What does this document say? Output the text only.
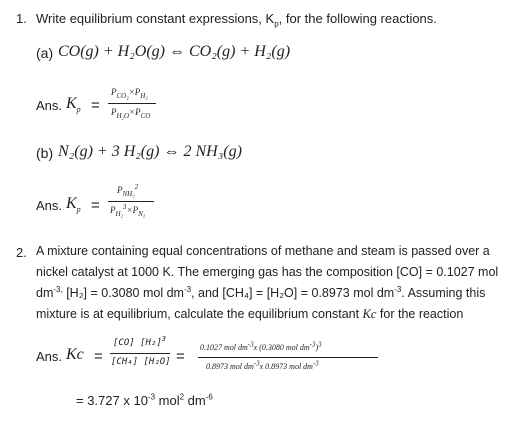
1. Write equilibrium constant expressions, $K_p$, for the following reactions.
(a) CO(g) + H₂O(g) ⇔ CO₂(g) + H₂(g)
Ans. $K_p$ =
$P_{CO_2}\times P_{H_2}$
$P_{H_2O}\times P_{CO}$
(b) N₂(g) + 3 H₂(g) ⇔ 2 NH₃(g)
Ans. $K_p$ =
$P_{NH_3}^2$
$P_{H_2}^3\times P_{N_2}$
2. A mixture containing equal concentrations of methane and steam is passed over a
nickel catalyst at 1000 K. The emerging gas has the composition [CO] = 0.1027 mol
$dm^{-3,}$ [H₂] = 0.3080 mol $dm^{-3}$, and [CH₄] = [H₂O] = 0.8973 mol $dm^{-3}$. Assuming this
mixture is at equilibrium, calculate the equilibrium constant Kc for the reaction
Ans. Kc =
[CO] $[H_2]^3$
[CH₄] [H₂O] =
0.1027 mol $dm^{-3}x$ (0.3080 mol $dm^{-3})^3$
0.8973 mol $dm^{-3}x$ 0.8973 mol $dm^{-3}$
= 3.727 x $10^{-3}$ mol$^2$ $dm^{-6}$
